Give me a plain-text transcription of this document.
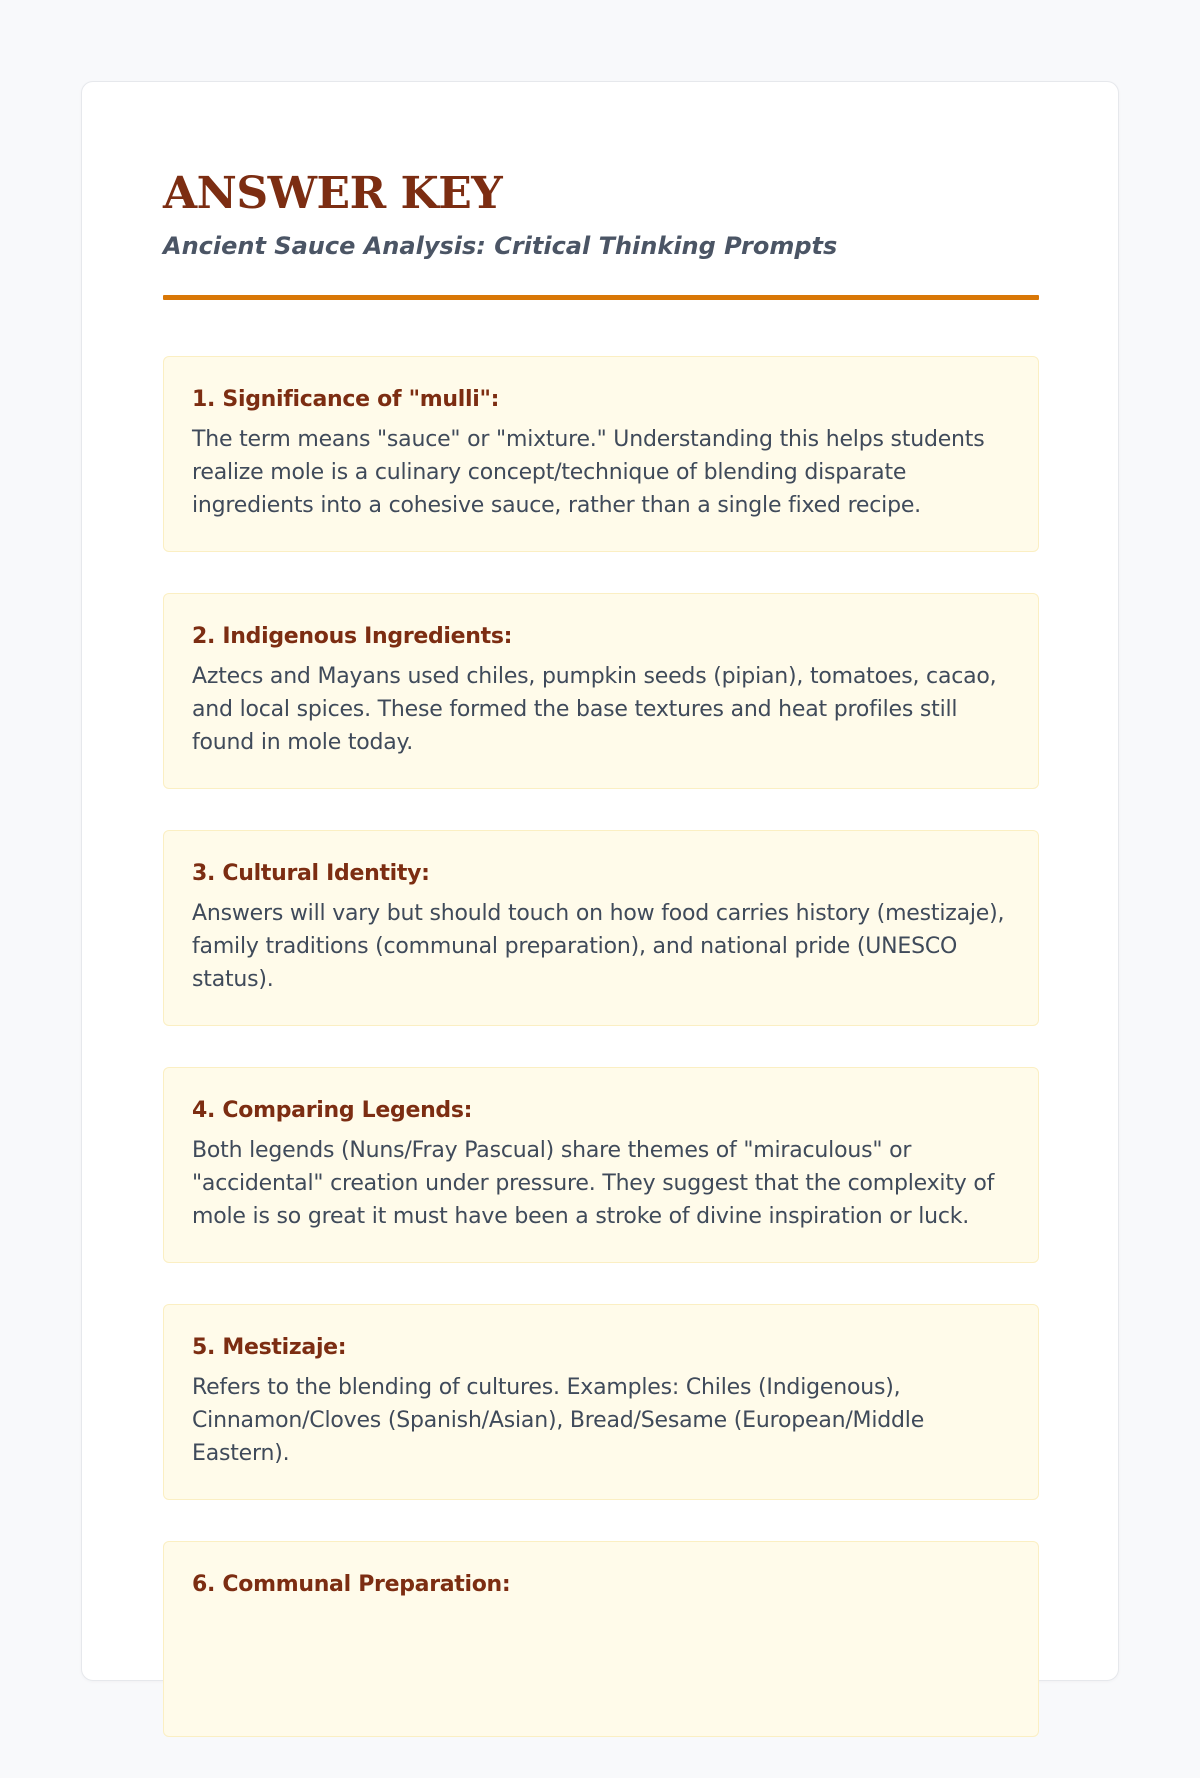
ANSWER KEY

Ancient Sauce Analysis: Critical Thinking Prompts

1. Significance of "mulli":

The term means "sauce" or "mixture." Understanding this helps students realize mole is a culinary concept/technique of blending disparate ingredients into a cohesive sauce, rather than a single fixed recipe.

2. Indigenous Ingredients:

Aztecs and Mayans used chiles, pumpkin seeds (pipian), tomatoes, cacao, and local spices. These formed the base textures and heat profiles still found in mole today.

3. Cultural Identity:

Answers will vary but should touch on how food carries history (mestizaje), family traditions (communal preparation), and national pride (UNESCO status).

4. Comparing Legends:

Both legends (Nuns/Fray Pascual) share themes of "miraculous" or "accidental" creation under pressure. They suggest that the complexity of mole is so great it must have been a stroke of divine inspiration or luck.

5. Mestizaje:

Refers to the blending of cultures. Examples: Chiles (Indigenous), Cinnamon/Cloves (Spanish/Asian), Bread/Sesame (European/Middle Eastern).

6. Communal Preparation:
